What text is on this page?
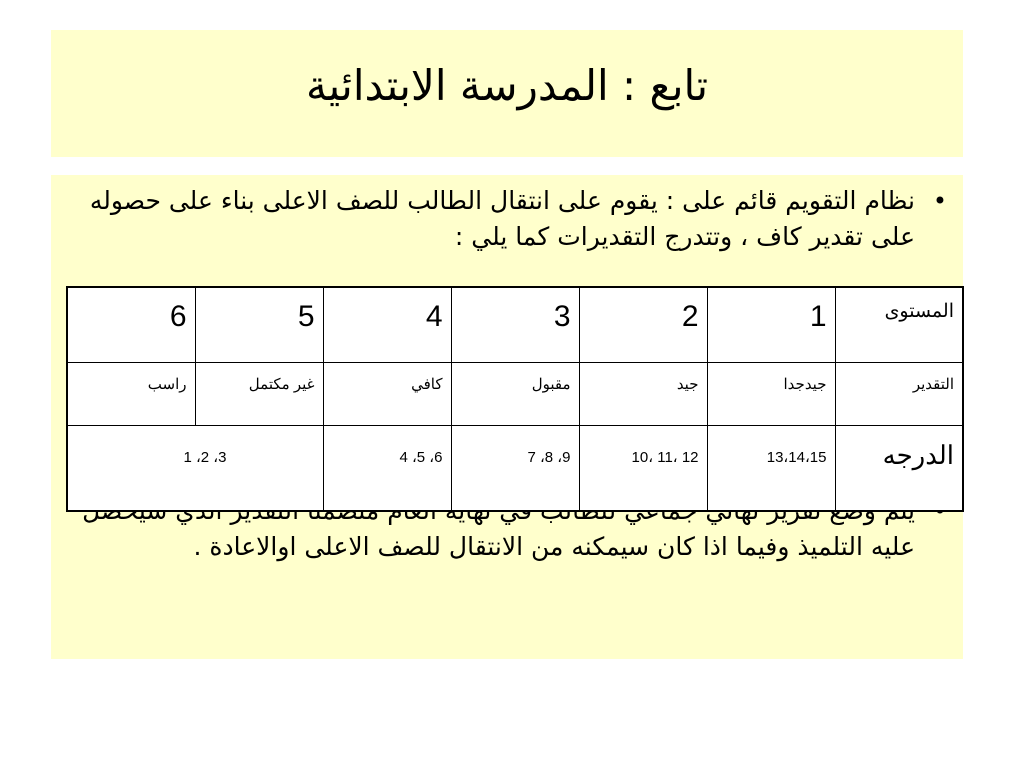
تابع : المدرسة الابتدائية
•
نظام التقويم قائم على : يقوم على انتقال الطالب للصف الاعلى بناء على حصوله على تقدير كاف ، وتتدرج التقديرات كما يلي :
عليه التلميذ وفيما اذا كان سيمكنه من الانتقال للصف الاعلى اوالاعادة .
المستوى	1	2	3	4	5	6

التقدير	جيدجدا	جيد	مقبول	كافي	غير مكتمل	راسب
الدرجه	13،14،15	12 ،11 ،10	9، 8، 7	6، 5، 4	3، 2، 1	
